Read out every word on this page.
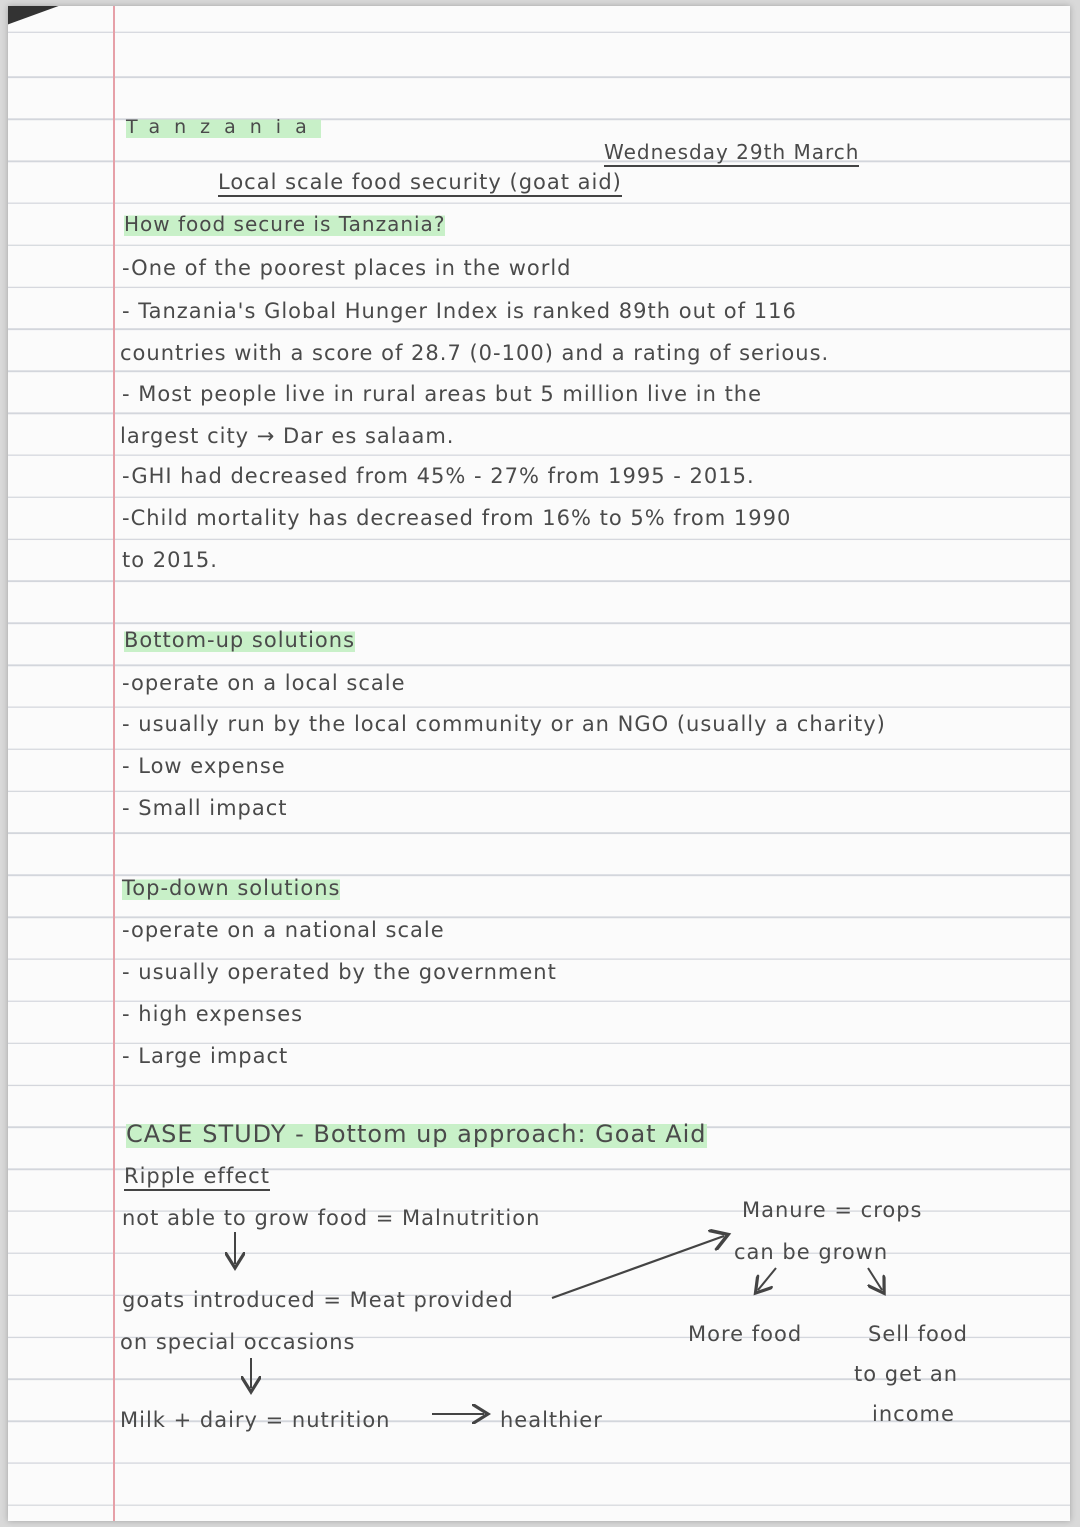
Tanzania
Wednesday 29th March
Local scale food security (goat aid)
How food secure is Tanzania?
-One of the poorest places in the world
- Tanzania's Global Hunger Index is ranked 89th out of 116
countries with a score of 28.7 (0-100) and a rating of serious.
- Most people live in rural areas but 5 million live in the
largest city → Dar es salaam.
-GHI had decreased from 45% - 27% from 1995 - 2015.
-Child mortality has decreased from 16% to 5% from 1990
to 2015.
Bottom-up solutions
-operate on a local scale
- usually run by the local community or an NGO (usually a charity)
- Low expense
- Small impact
Top-down solutions
-operate on a national scale
- usually operated by the government
- high expenses
- Large impact
CASE STUDY - Bottom up approach: Goat Aid
Ripple effect
not able to grow food = Malnutrition
goats introduced = Meat provided
on special occasions
Milk + dairy = nutrition	healthier
Manure = crops
can be grown
More food	Sell food
to get an
income
